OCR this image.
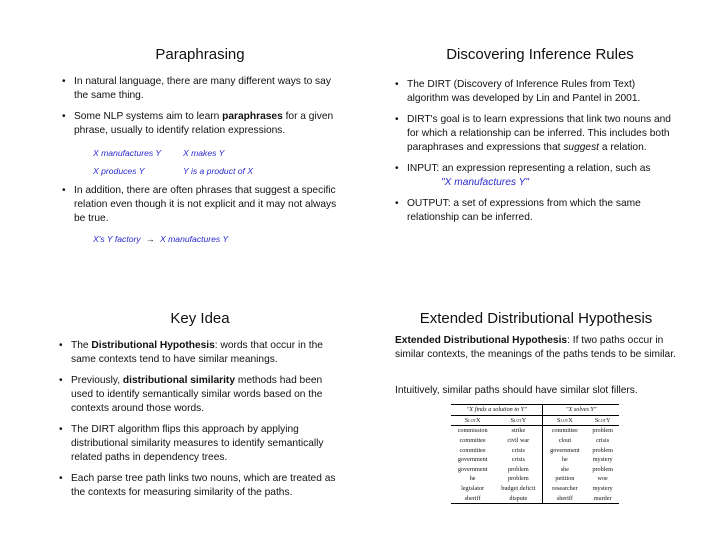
Paraphrasing
• In natural language, there are many different ways to say the same thing.
• Some NLP systems aim to learn paraphrases for a given phrase, usually to identify relation expressions.
X manufactures Y	X makes Y
X produces Y	Y is a product of X
• In addition, there are often phrases that suggest a specific relation even though it is not explicit and it may not always be true.
X's Y factory → X manufactures Y
Discovering Inference Rules
• The DIRT (Discovery of Inference Rules from Text) algorithm was developed by Lin and Pantel in 2001.
• DIRT's goal is to learn expressions that link two nouns and for which a relationship can be inferred. This includes both paraphrases and expressions that suggest a relation.
• INPUT: an expression representing a relation, such as
"X manufactures Y"
• OUTPUT: a set of expressions from which the same relationship can be inferred.
Key Idea
• The Distributional Hypothesis: words that occur in the same contexts tend to have similar meanings.
• Previously, distributional similarity methods had been used to identify semantically similar words based on the contexts around those words.
• The DIRT algorithm flips this approach by applying distributional similarity measures to identify semantically related paths in dependency trees.
• Each parse tree path links two nouns, which are treated as the contexts for measuring similarity of the paths.
Extended Distributional Hypothesis
Extended Distributional Hypothesis: If two paths occur in similar contexts, the meanings of the paths tends to be similar.
Intuitively, similar paths should have similar slot fillers.
"X finds a solution to Y"		"X solves Y"	
SlotX	SlotY	SlotX	SlotY
commission	strike	committee	problem
committee	civil war	clout	crisis
committee	crisis	government	problem
government	crisis	he	mystery
government	problem	she	problem
he	problem	petition	woe
legislator	budget deficit	researcher	mystery
sheriff	dispute	sheriff	murder
